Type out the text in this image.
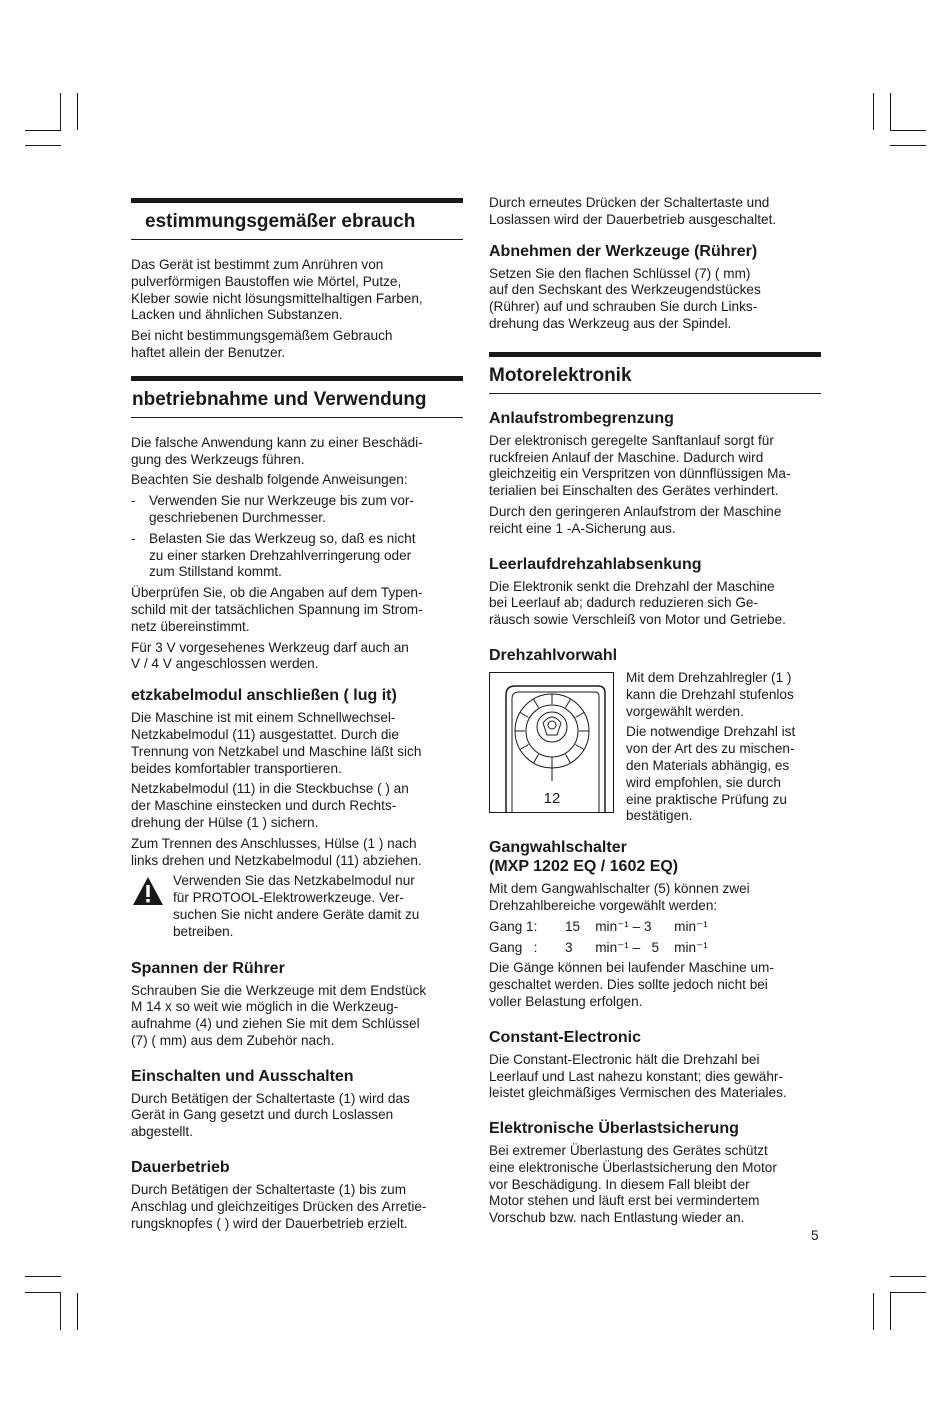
estimmungsgemäßer ebrauch

Das Gerät ist bestimmt zum Anrühren von
pulverförmigen Baustoffen wie Mörtel, Putze,
Kleber sowie nicht lösungsmittelhaltigen Farben,
Lacken und ähnlichen Substanzen.

Bei nicht bestimmungsgemäßem Gebrauch
haftet allein der Benutzer.

nbetriebnahme und Verwendung

Die falsche Anwendung kann zu einer Beschädi-
gung des Werkzeugs führen.

Beachten Sie deshalb folgende Anweisungen:

- Verwenden Sie nur Werkzeuge bis zum vor-
geschriebenen Durchmesser.
- Belasten Sie das Werkzeug so, daß es nicht
zu einer starken Drehzahlverringerung oder
zum Stillstand kommt.

Überprüfen Sie, ob die Angaben auf dem Typen-
schild mit der tatsächlichen Spannung im Strom-
netz übereinstimmt.

Für 3 V vorgesehenes Werkzeug darf auch an
V / 4 V angeschlossen werden.

etzkabelmodul anschließen ( lug it)

Die Maschine ist mit einem Schnellwechsel-
Netzkabelmodul (11) ausgestattet. Durch die
Trennung von Netzkabel und Maschine läßt sich
beides komfortabler transportieren.

Netzkabelmodul (11) in die Steckbuchse ( ) an
der Maschine einstecken und durch Rechts-
drehung der Hülse (1 ) sichern.

Zum Trennen des Anschlusses, Hülse (1 ) nach
links drehen und Netzkabelmodul (11) abziehen.

Verwenden Sie das Netzkabelmodul nur
für PROTOOL-Elektrowerkzeuge. Ver-
suchen Sie nicht andere Geräte damit zu
betreiben.

Spannen der Rührer

Schrauben Sie die Werkzeuge mit dem Endstück
M 14 x so weit wie möglich in die Werkzeug-
aufnahme (4) und ziehen Sie mit dem Schlüssel
(7) ( mm) aus dem Zubehör nach.

Einschalten und Ausschalten

Durch Betätigen der Schaltertaste (1) wird das
Gerät in Gang gesetzt und durch Loslassen
abgestellt.

Dauerbetrieb

Durch Betätigen der Schaltertaste (1) bis zum
Anschlag und gleichzeitiges Drücken des Arretie-
rungsknopfes ( ) wird der Dauerbetrieb erzielt.

Durch erneutes Drücken der Schaltertaste und
Loslassen wird der Dauerbetrieb ausgeschaltet.

Abnehmen der Werkzeuge (Rührer)

Setzen Sie den flachen Schlüssel (7) ( mm)
auf den Sechskant des Werkzeugendstückes
(Rührer) auf und schrauben Sie durch Links-
drehung das Werkzeug aus der Spindel.

Motorelektronik
Anlaufstrombegrenzung

Der elektronisch geregelte Sanftanlauf sorgt für
ruckfreien Anlauf der Maschine. Dadurch wird
gleichzeitig ein Verspritzen von dünnflüssigen Ma-
terialien bei Einschalten des Gerätes verhindert.

Durch den geringeren Anlaufstrom der Maschine
reicht eine 1 -A-Sicherung aus.

Leerlaufdrehzahlabsenkung

Die Elektronik senkt die Drehzahl der Maschine
bei Leerlauf ab; dadurch reduzieren sich Ge-
räusch sowie Verschleiß von Motor und Getriebe.

Drehzahlvorwahl
12

Mit dem Drehzahlregler (1 )
kann die Drehzahl stufenlos
vorgewählt werden.

Die notwendige Drehzahl ist
von der Art des zu mischen-
den Materials abhängig, es
wird empfohlen, sie durch
eine praktische Prüfung zu
bestätigen.

Gangwahlschalter
(MXP 1202 EQ / 1602 EQ)

Mit dem Gangwahlschalter (5) können zwei
Drehzahlbereiche vorgewählt werden:

Gang 1:	15    min⁻¹ – 3      min⁻¹
Gang   :	3      min⁻¹ –   5    min⁻¹

Die Gänge können bei laufender Maschine um-
geschaltet werden. Dies sollte jedoch nicht bei
voller Belastung erfolgen.

Constant-Electronic

Die Constant-Electronic hält die Drehzahl bei
Leerlauf und Last nahezu konstant; dies gewähr-
leistet gleichmäßiges Vermischen des Materiales.

Elektronische Überlastsicherung

Bei extremer Überlastung des Gerätes schützt
eine elektronische Überlastsicherung den Motor
vor Beschädigung. In diesem Fall bleibt der
Motor stehen und läuft erst bei vermindertem
Vorschub bzw. nach Entlastung wieder an.

5
